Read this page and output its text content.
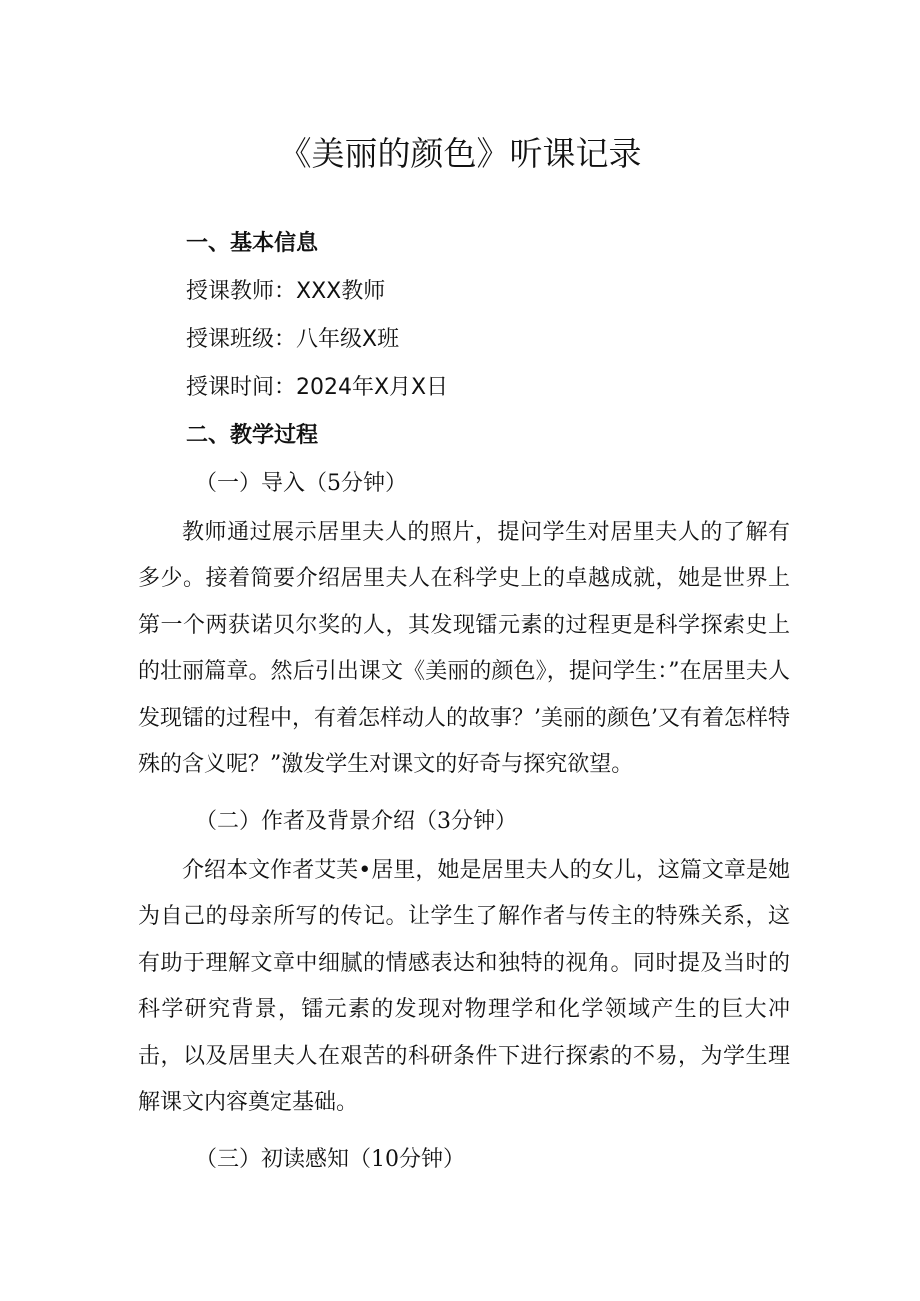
《美丽的颜色》听课记录
一、基本信息
授课教师：XXX教师
授课班级：八年级X班
授课时间：2024年X月X日
二、教学过程
（一）导入（5分钟）

教师通过展示居里夫人的照片，提问学生对居里夫人的了解有多少。接着简要介绍居里夫人在科学史上的卓越成就，她是世界上第一个两获诺贝尔奖的人，其发现镭元素的过程更是科学探索史上的壮丽篇章。然后引出课文《美丽的颜色》，提问学生：”在居里夫人发现镭的过程中，有着怎样动人的故事？’美丽的颜色’又有着怎样特殊的含义呢？”激发学生对课文的好奇与探究欲望。

（二）作者及背景介绍（3分钟）

介绍本文作者艾芙•居里，她是居里夫人的女儿，这篇文章是她为自己的母亲所写的传记。让学生了解作者与传主的特殊关系，这有助于理解文章中细腻的情感表达和独特的视角。同时提及当时的科学研究背景，镭元素的发现对物理学和化学领域产生的巨大冲击，以及居里夫人在艰苦的科研条件下进行探索的不易，为学生理解课文内容奠定基础。

（三）初读感知（10分钟）
